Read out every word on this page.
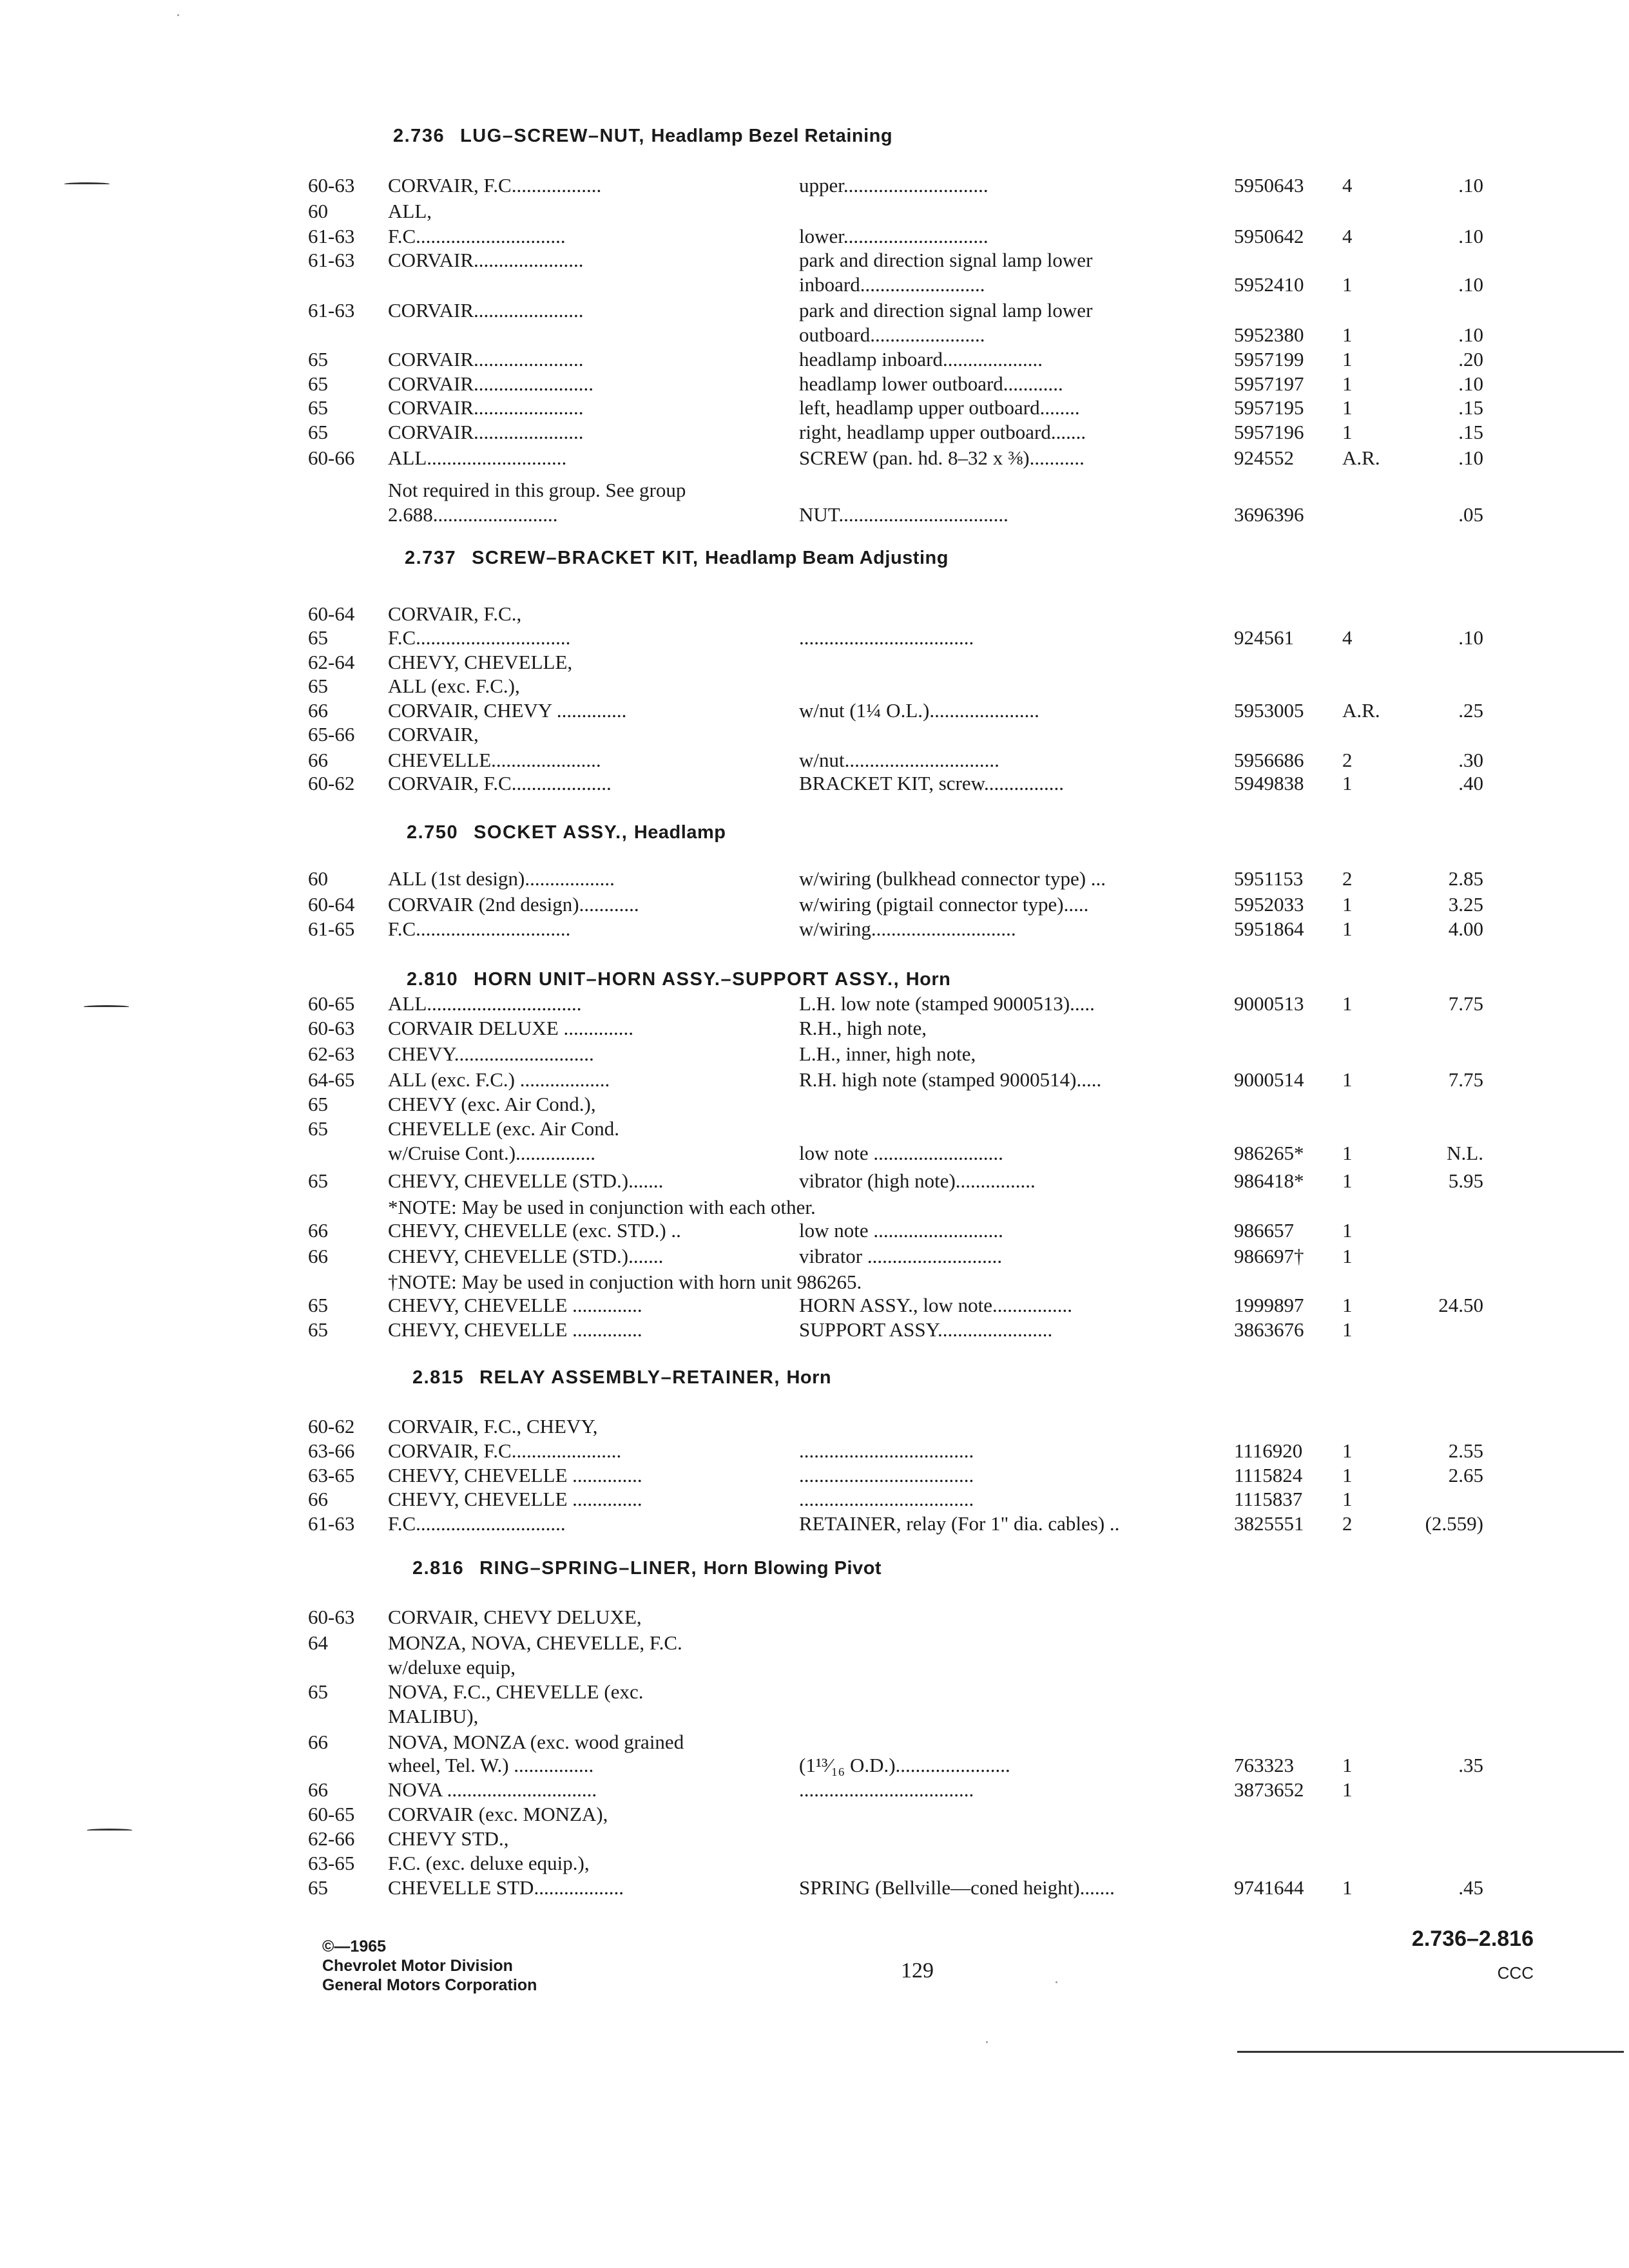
2.736 LUG–SCREW–NUT, Headlamp Bezel Retaining
2.737 SCREW–BRACKET KIT, Headlamp Beam Adjusting
2.750 SOCKET ASSY., Headlamp
2.810 HORN UNIT–HORN ASSY.–SUPPORT ASSY., Horn
2.815 RELAY ASSEMBLY–RETAINER, Horn
2.816 RING–SPRING–LINER, Horn Blowing Pivot
60-63 CORVAIR, F.C..................	upper.............................	5950643 4	.10
60	ALL,
61-63 F.C..............................	lower.............................	5950642 4	.10
61-63 CORVAIR......................	park and direction signal lamp lower
inboard.........................	5952410 1	.10
61-63 CORVAIR......................	park and direction signal lamp lower
outboard.......................	5952380 1	.10
65	CORVAIR......................	headlamp inboard....................	5957199 1	.20
65	CORVAIR........................	headlamp lower outboard............	5957197 1	.10
65	CORVAIR......................	left, headlamp upper outboard........	5957195 1	.15
65	CORVAIR......................	right, headlamp upper outboard.......	5957196 1	.15
60-66 ALL............................	SCREW (pan. hd. 8–32 x ⅜)...........	924552 A.R.	.10
Not required in this group. See group
2.688.........................	NUT..................................	3696396	.05
60-64 CORVAIR, F.C.,
65	F.C...............................	...................................	924561 4	.10
62-64 CHEVY, CHEVELLE,
65	ALL (exc. F.C.),
66	CORVAIR, CHEVY ..............	w/nut (1¼ O.L.)......................	5953005 A.R.	.25
65-66 CORVAIR,
66	CHEVELLE......................	w/nut...............................	5956686 2	.30
60-62 CORVAIR, F.C....................	BRACKET KIT, screw................	5949838 1	.40
60	ALL (1st design)..................	w/wiring (bulkhead connector type) ...	5951153 2	2.85
60-64 CORVAIR (2nd design)............	w/wiring (pigtail connector type).....	5952033 1	3.25
61-65 F.C...............................	w/wiring.............................	5951864 1	4.00
60-65 ALL...............................	L.H. low note (stamped 9000513).....	9000513 1	7.75
60-63 CORVAIR DELUXE ..............	R.H., high note,
62-63 CHEVY............................	L.H., inner, high note,
64-65 ALL (exc. F.C.) ..................	R.H. high note (stamped 9000514).....	9000514 1	7.75
65	CHEVY (exc. Air Cond.),
65	CHEVELLE (exc. Air Cond.
w/Cruise Cont.)................	low note ..........................	986265* 1	N.L.
65	CHEVY, CHEVELLE (STD.).......	vibrator (high note)................	986418* 1	5.95
*NOTE: May be used in conjunction with each other.
66	CHEVY, CHEVELLE (exc. STD.) ..	low note ..........................	986657 1
66	CHEVY, CHEVELLE (STD.).......	vibrator ...........................	986697† 1
†NOTE: May be used in conjuction with horn unit 986265.
65	CHEVY, CHEVELLE ..............	HORN ASSY., low note................	1999897 1	24.50
65	CHEVY, CHEVELLE ..............	SUPPORT ASSY.......................	3863676 1
60-62 CORVAIR, F.C., CHEVY,
63-66 CORVAIR, F.C......................	...................................	1116920 1	2.55
63-65 CHEVY, CHEVELLE ..............	...................................	1115824 1	2.65
66	CHEVY, CHEVELLE ..............	...................................	1115837 1
61-63 F.C..............................	RETAINER, relay (For 1" dia. cables) ..	3825551 2	(2.559)
60-63 CORVAIR, CHEVY DELUXE,
64	MONZA, NOVA, CHEVELLE, F.C.
w/deluxe equip,
65	NOVA, F.C., CHEVELLE (exc.
MALIBU),
66	NOVA, MONZA (exc. wood grained
wheel, Tel. W.) ................	(1¹³⁄₁₆ O.D.).......................	763323 1	.35
66	NOVA ..............................	...................................	3873652 1
60-65 CORVAIR (exc. MONZA),
62-66 CHEVY STD.,
63-65 F.C. (exc. deluxe equip.),
65	CHEVELLE STD..................	SPRING (Bellville—coned height).......	9741644 1	.45
©—1965
Chevrolet Motor Division
General Motors Corporation
129
2.736–2.816
CCC
